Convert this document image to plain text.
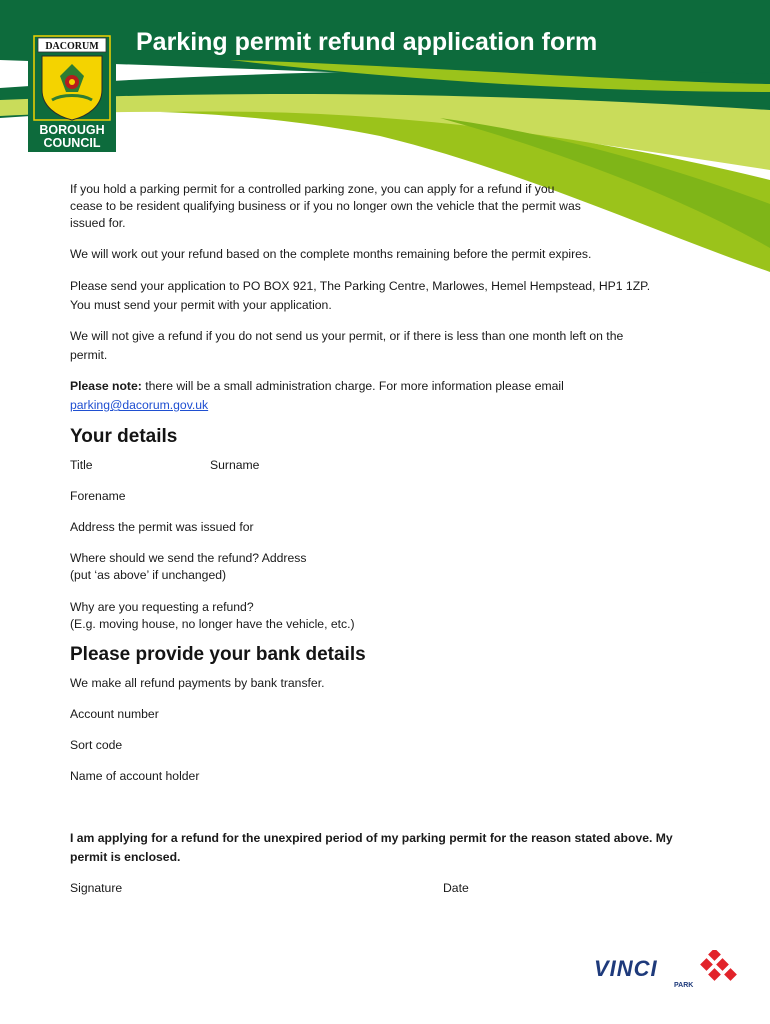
DACORUM
BOROUGH
COUNCIL
Parking permit refund application form

If you hold a parking permit for a controlled parking zone, you can apply for a refund if you
cease to be resident qualifying business or if you no longer own the vehicle that the permit was
issued for.

We will work out your refund based on the complete months remaining before the permit expires.

Please send your application to PO BOX 921, The Parking Centre, Marlowes, Hemel Hempstead, HP1 1ZP.
You must send your permit with your application.

We will not give a refund if you do not send us your permit, or if there is less than one month left on the
permit.

Please note: there will be a small administration charge. For more information please email
parking@dacorum.gov.uk

Your details

Title	Surname

Forename

Address the permit was issued for

Where should we send the refund? Address

(put ‘as above’ if unchanged)

Why are you requesting a refund?

(E.g. moving house, no longer have the vehicle, etc.)

Please provide your bank details

We make all refund payments by bank transfer.

Account number

Sort code

Name of account holder

I am applying for a refund for the unexpired period of my parking permit for the reason stated above. My
permit is enclosed.

Signature	Date

VINCI
PARK
